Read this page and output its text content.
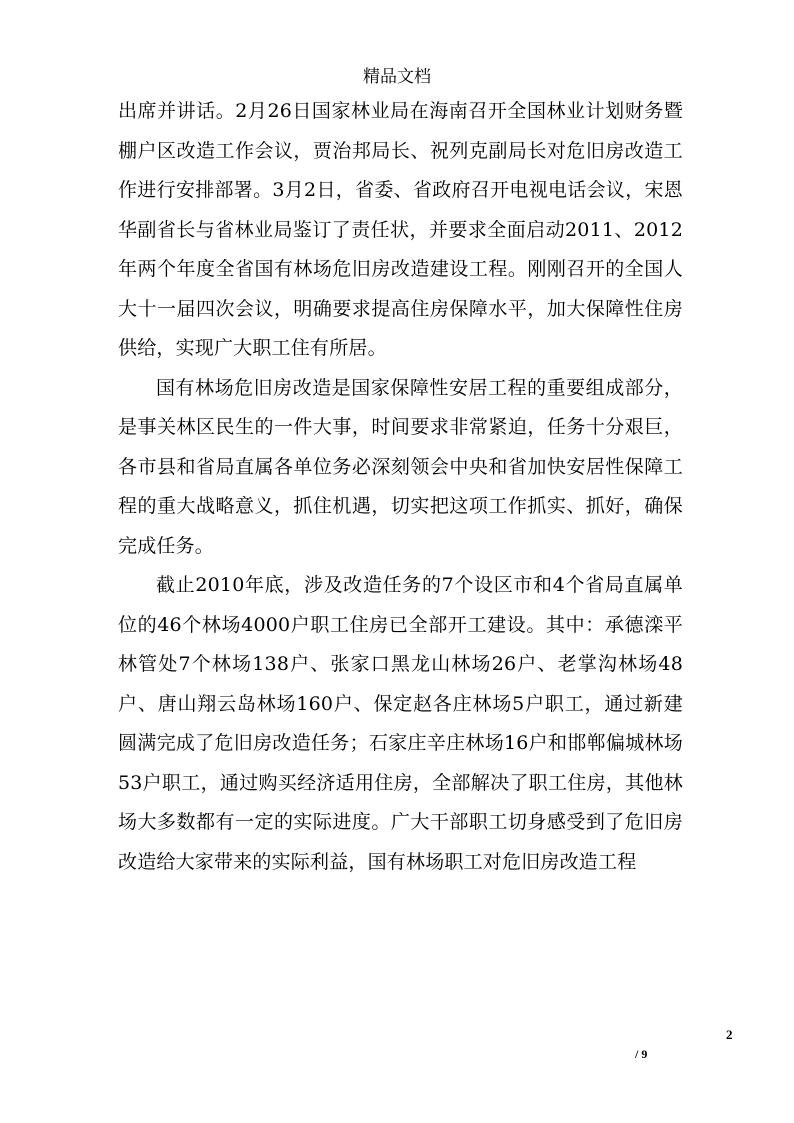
精品文档

出席并讲话。2月26日国家林业局在海南召开全国林业计划财务暨棚户区改造工作会议，贾治邦局长、祝列克副局长对危旧房改造工作进行安排部署。3月2日，省委、省政府召开电视电话会议，宋恩华副省长与省林业局鉴订了责任状，并要求全面启动2011、2012年两个年度全省国有林场危旧房改造建设工程。刚刚召开的全国人大十一届四次会议，明确要求提高住房保障水平，加大保障性住房供给，实现广大职工住有所居。

国有林场危旧房改造是国家保障性安居工程的重要组成部分，是事关林区民生的一件大事，时间要求非常紧迫，任务十分艰巨，各市县和省局直属各单位务必深刻领会中央和省加快安居性保障工程的重大战略意义，抓住机遇，切实把这项工作抓实、抓好，确保完成任务。

截止2010年底，涉及改造任务的7个设区市和4个省局直属单位的46个林场4000户职工住房已全部开工建设。其中：承德滦平林管处7个林场138户、张家口黑龙山林场26户、老掌沟林场48户、唐山翔云岛林场160户、保定赵各庄林场5户职工，通过新建圆满完成了危旧房改造任务；石家庄辛庄林场16户和邯郸偏城林场53户职工，通过购买经济适用住房，全部解决了职工住房，其他林场大多数都有一定的实际进度。广大干部职工切身感受到了危旧房改造给大家带来的实际利益，国有林场职工对危旧房改造工程

2
/ 9
